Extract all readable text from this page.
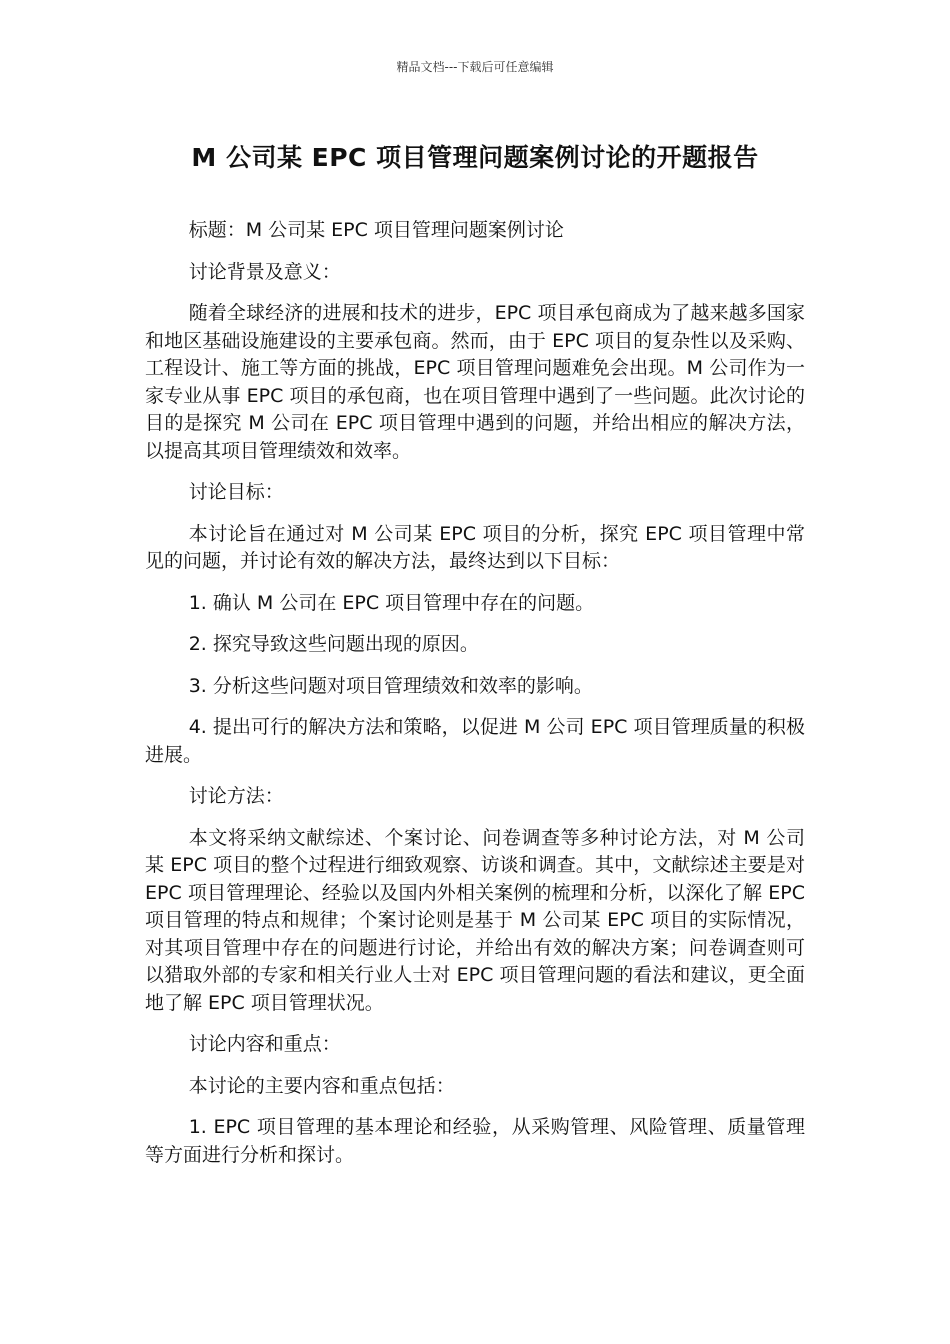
精品文档---下载后可任意编辑
M 公司某 EPC 项目管理问题案例讨论的开题报告

标题：M 公司某 EPC 项目管理问题案例讨论

讨论背景及意义：

随着全球经济的进展和技术的进步，EPC 项目承包商成为了越来越多国家和地区基础设施建设的主要承包商。然而，由于 EPC 项目的复杂性以及采购、工程设计、施工等方面的挑战，EPC 项目管理问题难免会出现。M 公司作为一家专业从事 EPC 项目的承包商，也在项目管理中遇到了一些问题。此次讨论的目的是探究 M 公司在 EPC 项目管理中遇到的问题，并给出相应的解决方法，以提高其项目管理绩效和效率。

讨论目标：

本讨论旨在通过对 M 公司某 EPC 项目的分析，探究 EPC 项目管理中常见的问题，并讨论有效的解决方法，最终达到以下目标：

1. 确认 M 公司在 EPC 项目管理中存在的问题。

2. 探究导致这些问题出现的原因。

3. 分析这些问题对项目管理绩效和效率的影响。

4. 提出可行的解决方法和策略，以促进 M 公司 EPC 项目管理质量的积极进展。

讨论方法：

本文将采纳文献综述、个案讨论、问卷调查等多种讨论方法，对 M 公司某 EPC 项目的整个过程进行细致观察、访谈和调查。其中，文献综述主要是对 EPC 项目管理理论、经验以及国内外相关案例的梳理和分析，以深化了解 EPC 项目管理的特点和规律；个案讨论则是基于 M 公司某 EPC 项目的实际情况，对其项目管理中存在的问题进行讨论，并给出有效的解决方案；问卷调查则可以猎取外部的专家和相关行业人士对 EPC 项目管理问题的看法和建议，更全面地了解 EPC 项目管理状况。

讨论内容和重点：

本讨论的主要内容和重点包括：

1. EPC 项目管理的基本理论和经验，从采购管理、风险管理、质量管理等方面进行分析和探讨。
